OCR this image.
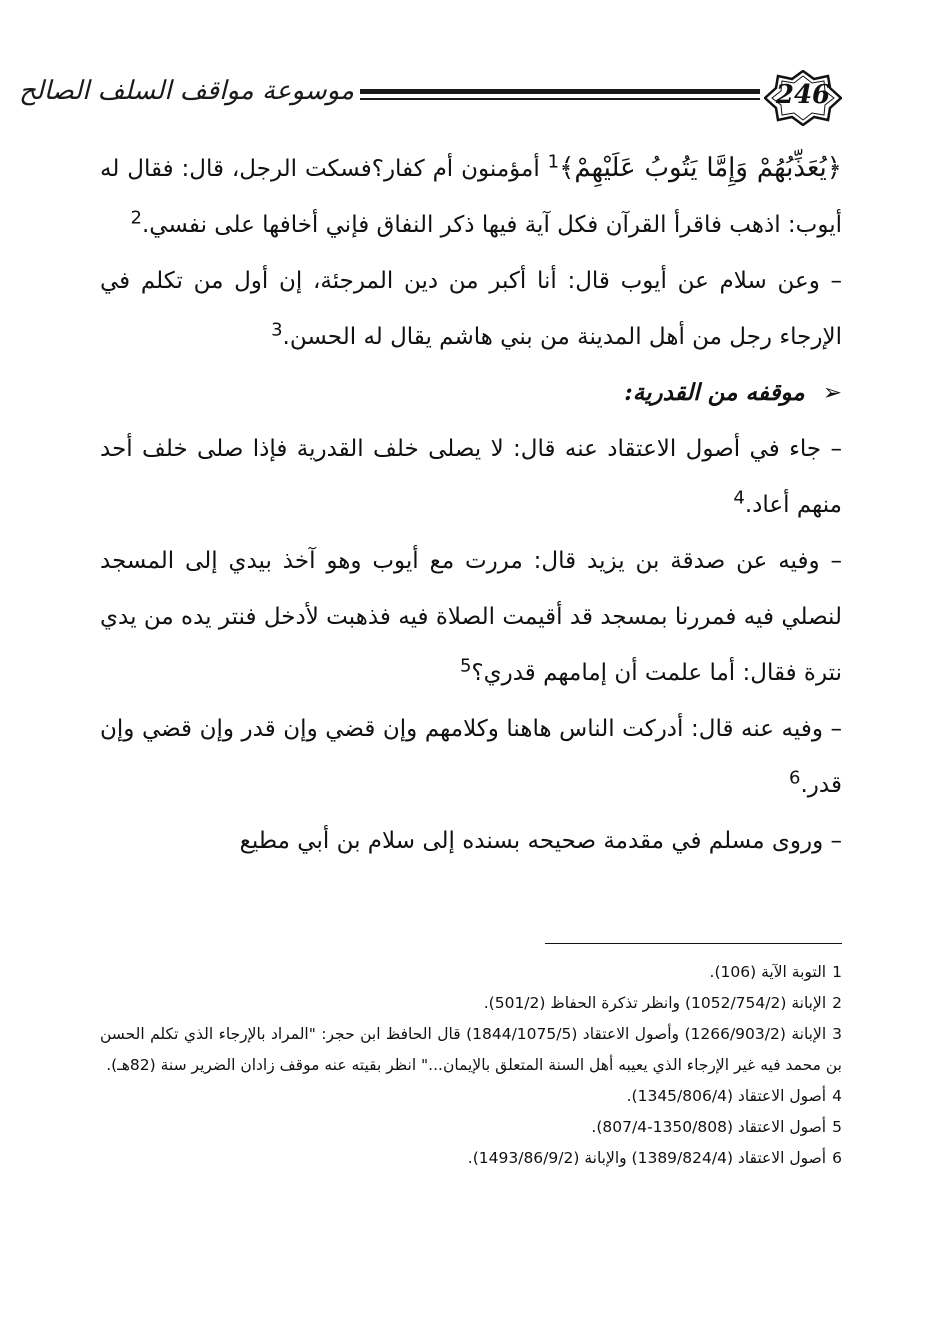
موسوعة مواقف السلف الصالح	246

﴿يُعَذِّبُهُمْ وَإِمَّا يَتُوبُ عَلَيْهِمْ﴾$^1$ أمؤمنون أم كفار؟فسكت الرجل، قال: فقال له أيوب: اذهب فاقرأ القرآن فكل آية فيها ذكر النفاق فإني أخافها على نفسي.$^2$

– وعن سلام عن أيوب قال: أنا أكبر من دين المرجئة، إن أول من تكلم في الإرجاء رجل من أهل المدينة من بني هاشم يقال له الحسن.$^3$

➢موقفه من القدرية:

– جاء في أصول الاعتقاد عنه قال: لا يصلى خلف القدرية فإذا صلى خلف أحد منهم أعاد.$^4$

– وفيه عن صدقة بن يزيد قال: مررت مع أيوب وهو آخذ بيدي إلى المسجد لنصلي فيه فمررنا بمسجد قد أقيمت الصلاة فيه فذهبت لأدخل فنتر يده من يدي نترة فقال: أما علمت أن إمامهم قدري؟$^5$

– وفيه عنه قال: أدركت الناس هاهنا وكلامهم وإن قضي وإن قدر وإن قضي وإن قدر.$^6$

– وروى مسلم في مقدمة صحيحه بسنده إلى سلام بن أبي مطيع

1التوبة الآية (106).

2الإبانة (1052/754/2) وانظر تذكرة الحفاظ (501/2).

3الإبانة (1266/903/2) وأصول الاعتقاد (1844/1075/5) قال الحافظ ابن حجر: "المراد بالإرجاء الذي تكلم الحسن بن محمد فيه غير الإرجاء الذي يعيبه أهل السنة المتعلق بالإيمان..." انظر بقيته عنه موقف زادان الضرير سنة (82هـ).

4أصول الاعتقاد (1345/806/4).

5أصول الاعتقاد (1350/808-807/4).

6أصول الاعتقاد (1389/824/4) والإبانة (1493/86/9/2).
